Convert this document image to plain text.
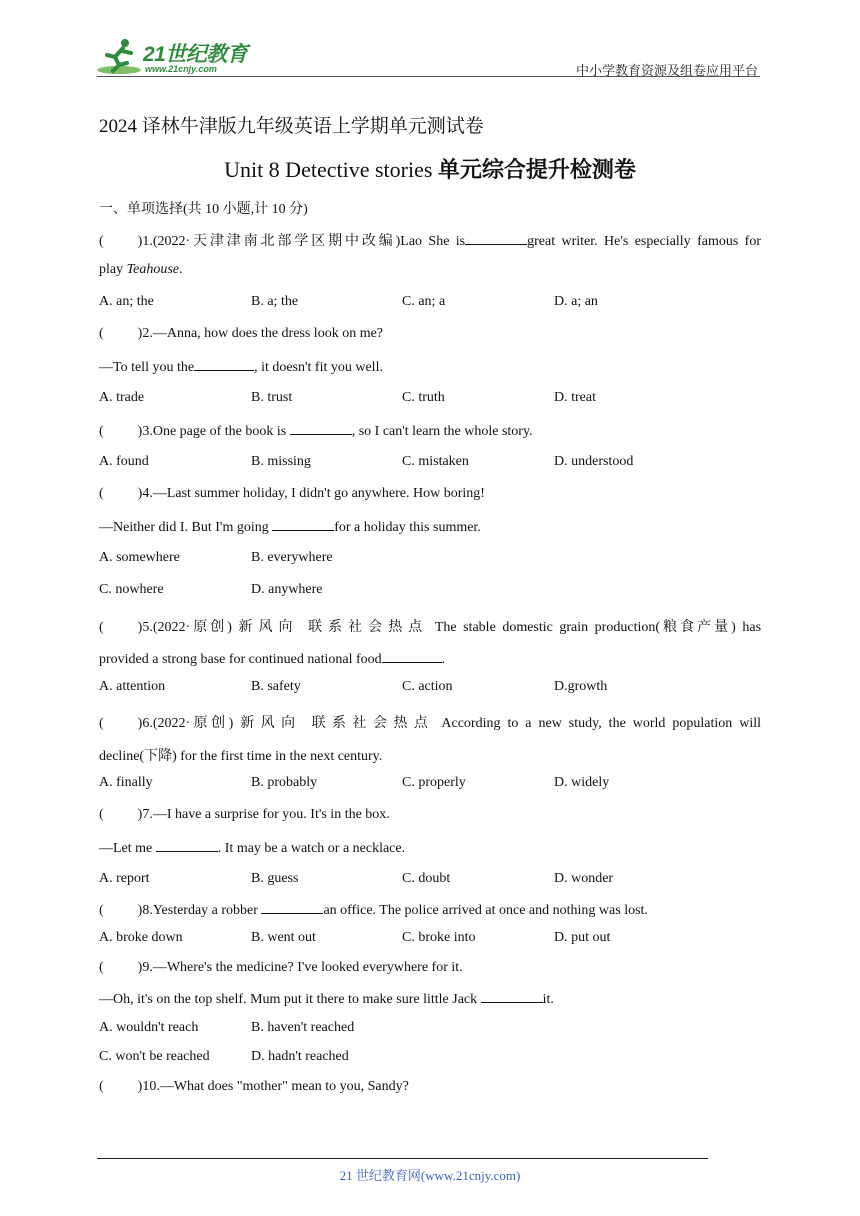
21世纪教育
www.21cnjy.com	中小学教育资源及组卷应用平台
2024 译林牛津版九年级英语上学期单元测试卷
Unit 8 Detective stories 单元综合提升检测卷
一、单项选择(共 10 小题,计 10 分)
( )1.(2022·天津津南北部学区期中改编)Lao She is	great writer. He's especially famous for
play Teahouse.
A. an; the	B. a; the	C. an; a	D. a; an
( )2.—Anna, how does the dress look on me?
—To tell you the	, it doesn't fit you well.
A. trade	B. trust	C. truth	D. treat
( )3.One page of the book is	, so I can't learn the whole story.
A. found	B. missing	C. mistaken	D. understood
( )4.—Last summer holiday, I didn't go anywhere. How boring!
—Neither did I. But I'm going	for a holiday this summer.
A. somewhere	B. everywhere
C. nowhere	D. anywhere
( )5.(2022·原创) 新风向 联系社会热点 The stable domestic grain production(粮食产量) has
provided a strong base for continued national food	.
A. attention	B. safety	C. action	D.growth
( )6.(2022·原创) 新风向 联系社会热点 According to a new study, the world population will
decline(下降) for the first time in the next century.
A. finally	B. probably	C. properly	D. widely
( )7.—I have a surprise for you. It's in the box.
—Let me	. It may be a watch or a necklace.
A. report	B. guess	C. doubt	D. wonder
( )8.Yesterday a robber	an office. The police arrived at once and nothing was lost.
A. broke down	B. went out	C. broke into	D. put out
( )9.—Where's the medicine? I've looked everywhere for it.
—Oh, it's on the top shelf. Mum put it there to make sure little Jack	it.
A. wouldn't reach	B. haven't reached
C. won't be reached	D. hadn't reached
( )10.—What does "mother" mean to you, Sandy?
21 世纪教育网(www.21cnjy.com)
